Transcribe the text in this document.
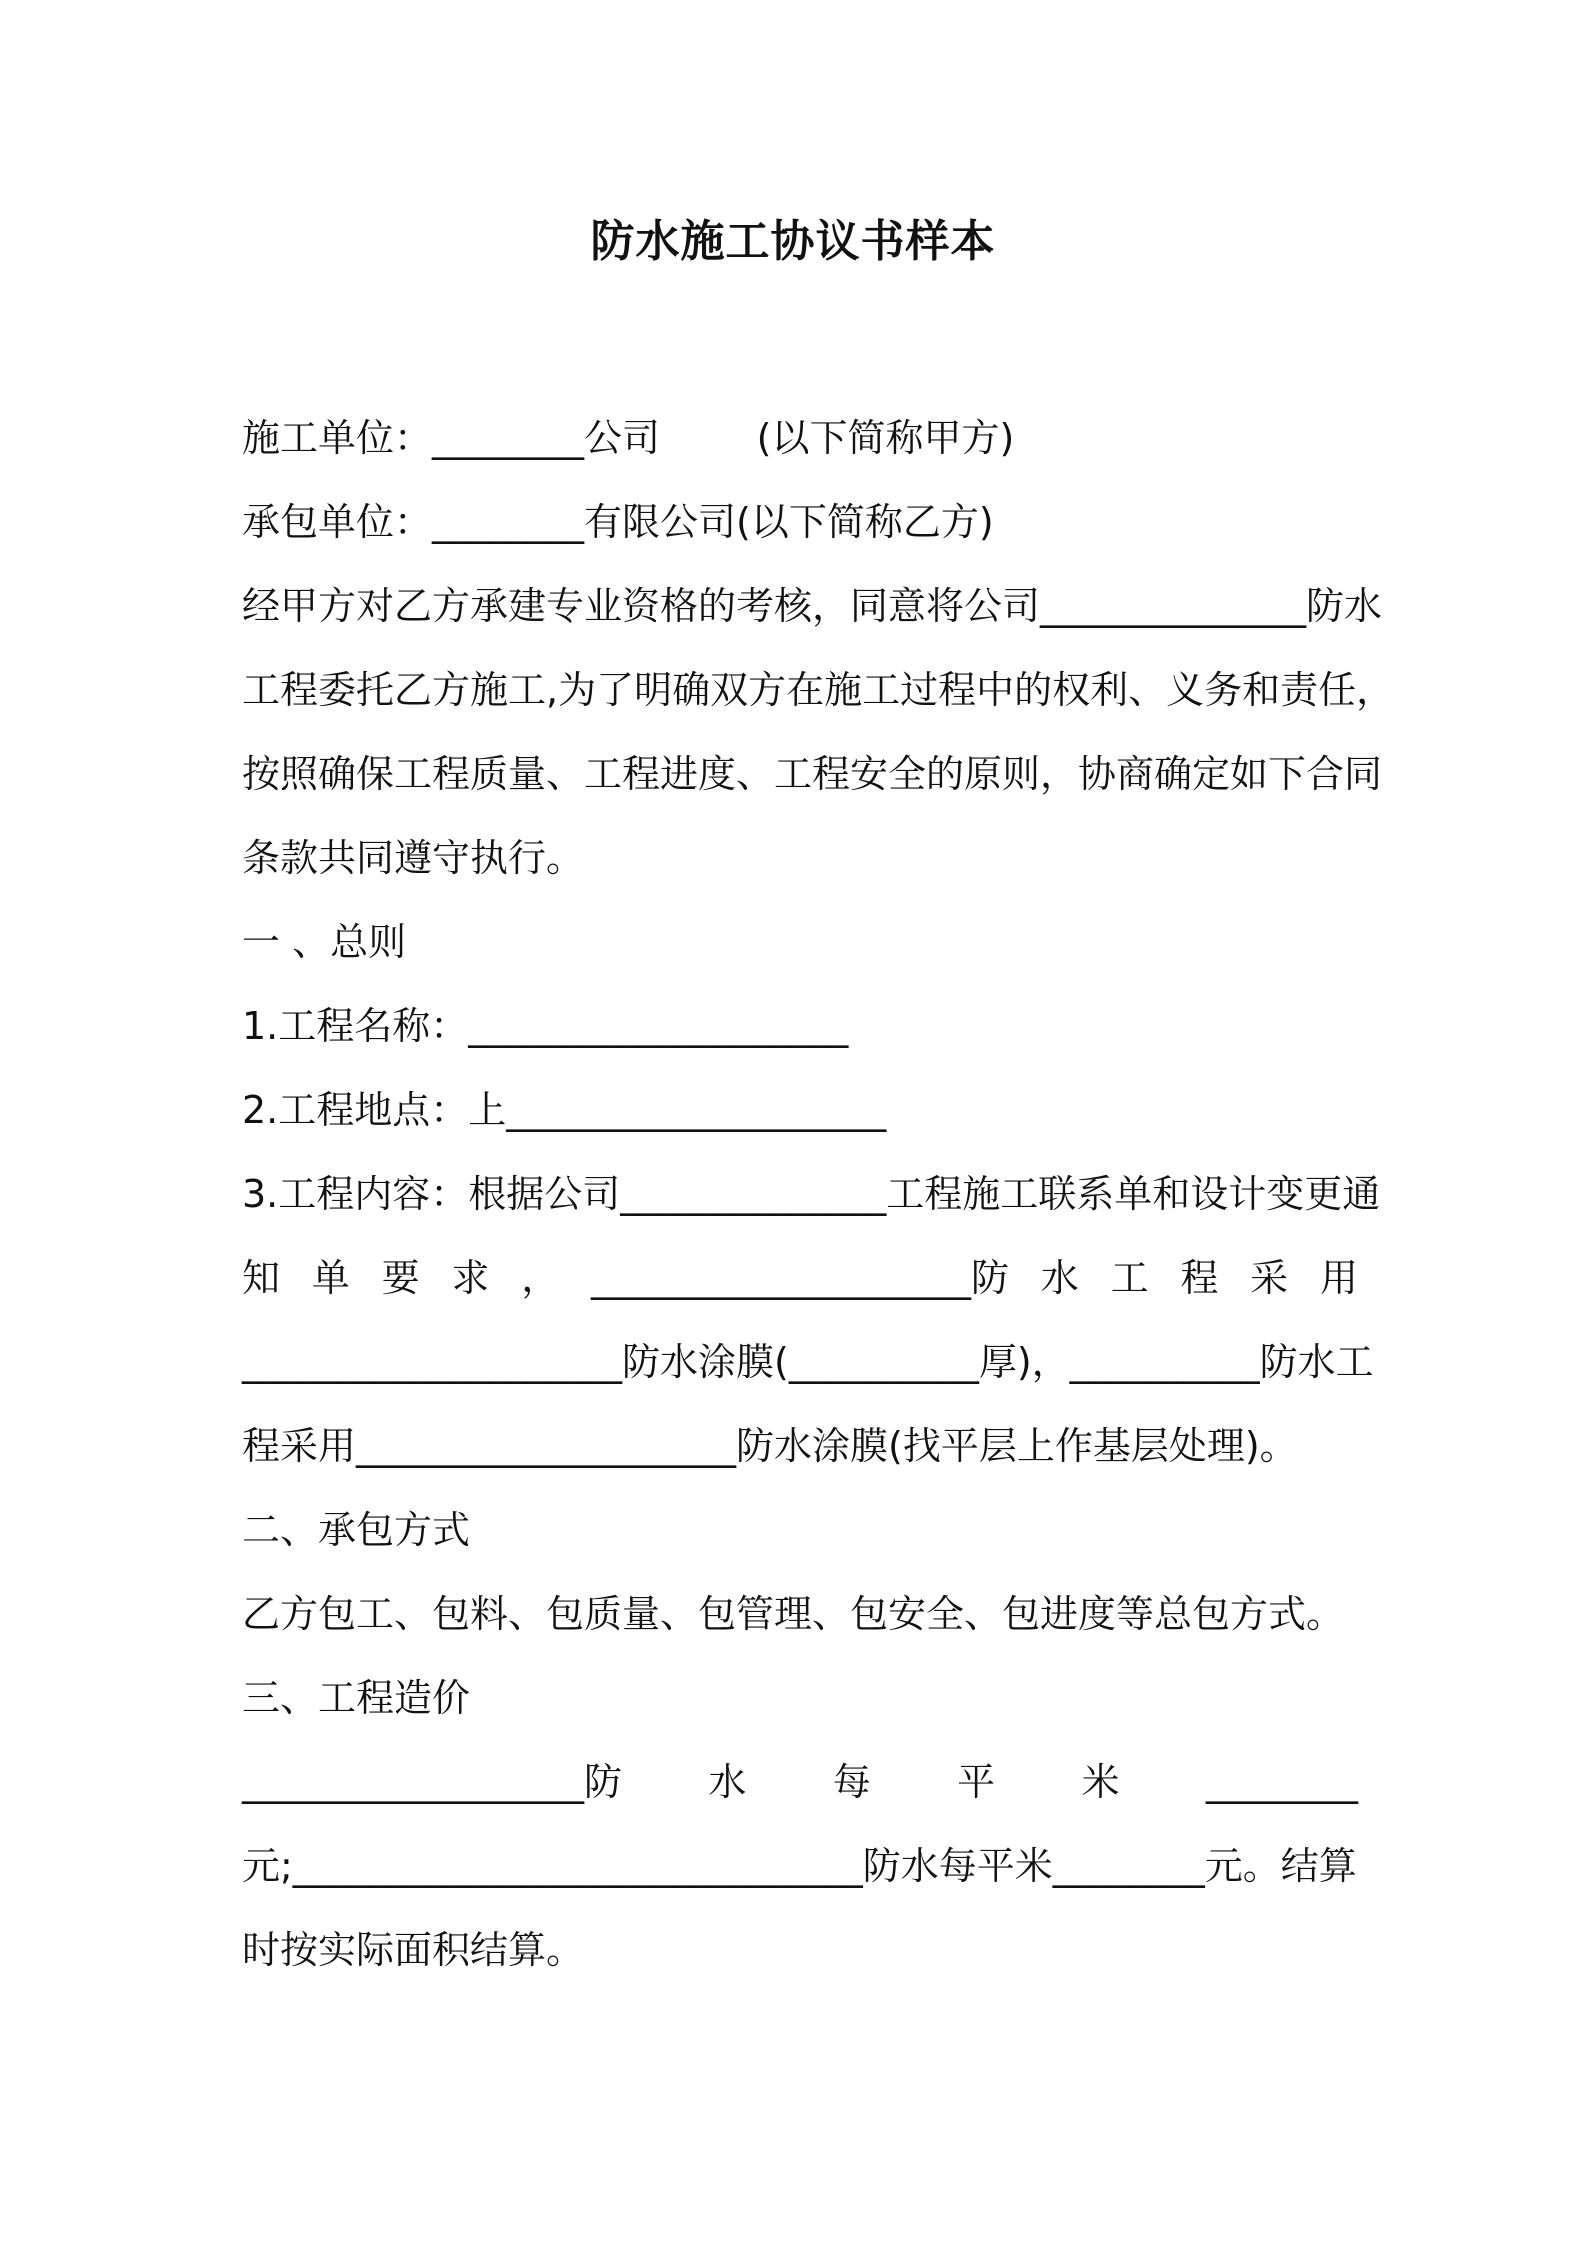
防水施工协议书样本
施工单位：________公司        (以下简称甲方)
承包单位：________有限公司(以下简称乙方)
经甲方对乙方承建专业资格的考核，同意将公司______________防水
工程委托乙方施工,为了明确双方在施工过程中的权利、义务和责任，
按照确保工程质量、工程进度、工程安全的原则，协商确定如下合同
条款共同遵守执行。
一 、总则
1.工程名称：____________________
2.工程地点：上____________________
3.工程内容：根据公司______________工程施工联系单和设计变更通
知 单 要 求 ， ____________________防 水 工 程 采 用
____________________防水涂膜(__________厚)，__________防水工
程采用____________________防水涂膜(找平层上作基层处理)。
二、承包方式
乙方包工、包料、包质量、包管理、包安全、包进度等总包方式。
三、工程造价
__________________防 水 每 平 米 ________
元;______________________________防水每平米________元。结算
时按实际面积结算。
